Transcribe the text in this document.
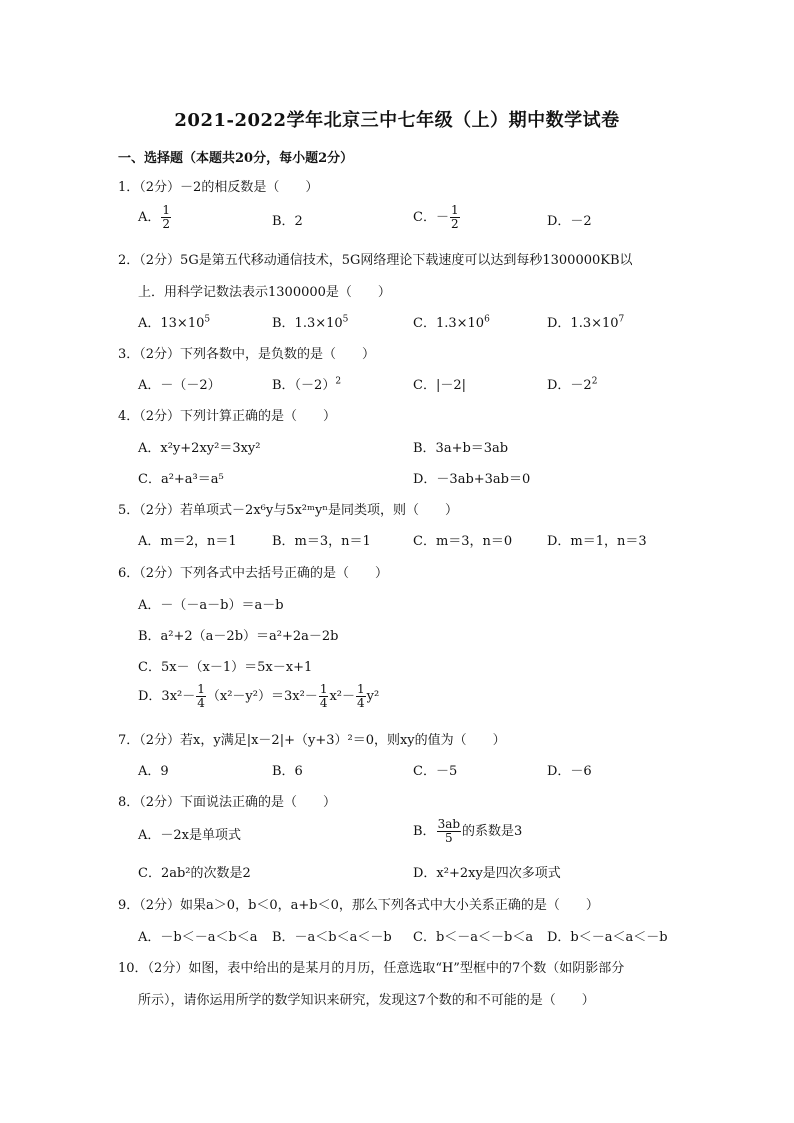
2021-2022学年北京三中七年级（上）期中数学试卷
一、选择题（本题共20分，每小题2分）
1．（2分）－2的相反数是（　　）
A． $\frac{1}{2}$	B．2	C．－ $\frac{1}{2}$	D．－2
2．（2分）5G是第五代移动通信技术，5G网络理论下载速度可以达到每秒1300000KB以
上．用科学记数法表示1300000是（　　）
A．$13\times 10^5$	B．$1.3\times 10^5$	C．$1.3\times 10^6$	D．$1.3\times 10^7$
3．（2分）下列各数中，是负数的是（　　）
A．－（－2）	B．$(-2)^2$	C．|－2|	D．$-2^2$
4．（2分）下列计算正确的是（　　）
A．x²y+2xy²＝3xy²	B．3a+b＝3ab
C．a²+a³＝a⁵	D．－3ab+3ab＝0
5．（2分）若单项式－2x⁶y与5x²ᵐyⁿ是同类项，则（　　）
A．m＝2，n＝1	B．m＝3，n＝1	C．m＝3，n＝0	D．m＝1，n＝3
6．（2分）下列各式中去括号正确的是（　　）
A．－（－a－b）＝a－b
B．a²+2（a－2b）＝a²+2a－2b
C．5x－（x－1）＝5x－x+1
D．$3x^2- \frac{1}{4} (x^2-y^2)=3x^2- \frac{1}{4} x^2- \frac{1}{4} y^2$
7．（2分）若x，y满足|x－2|+（y+3）²＝0，则xy的值为（　　）
A．9	B．6	C．－5	D．－6
8．（2分）下面说法正确的是（　　）
A．－2x是单项式	B． $\frac{3ab}{5}$ 的系数是3
C．2ab²的次数是2	D．x²+2xy是四次多项式
9．（2分）如果a＞0，b＜0，a+b＜0，那么下列各式中大小关系正确的是（　　）
A．－b＜－a＜b＜a B．－a＜b＜a＜－b C．b＜－a＜－b＜a D．b＜－a＜a＜－b
10．（2分）如图，表中给出的是某月的月历，任意选取“H”型框中的7个数（如阴影部分
所示），请你运用所学的数学知识来研究，发现这7个数的和不可能的是（　　）
